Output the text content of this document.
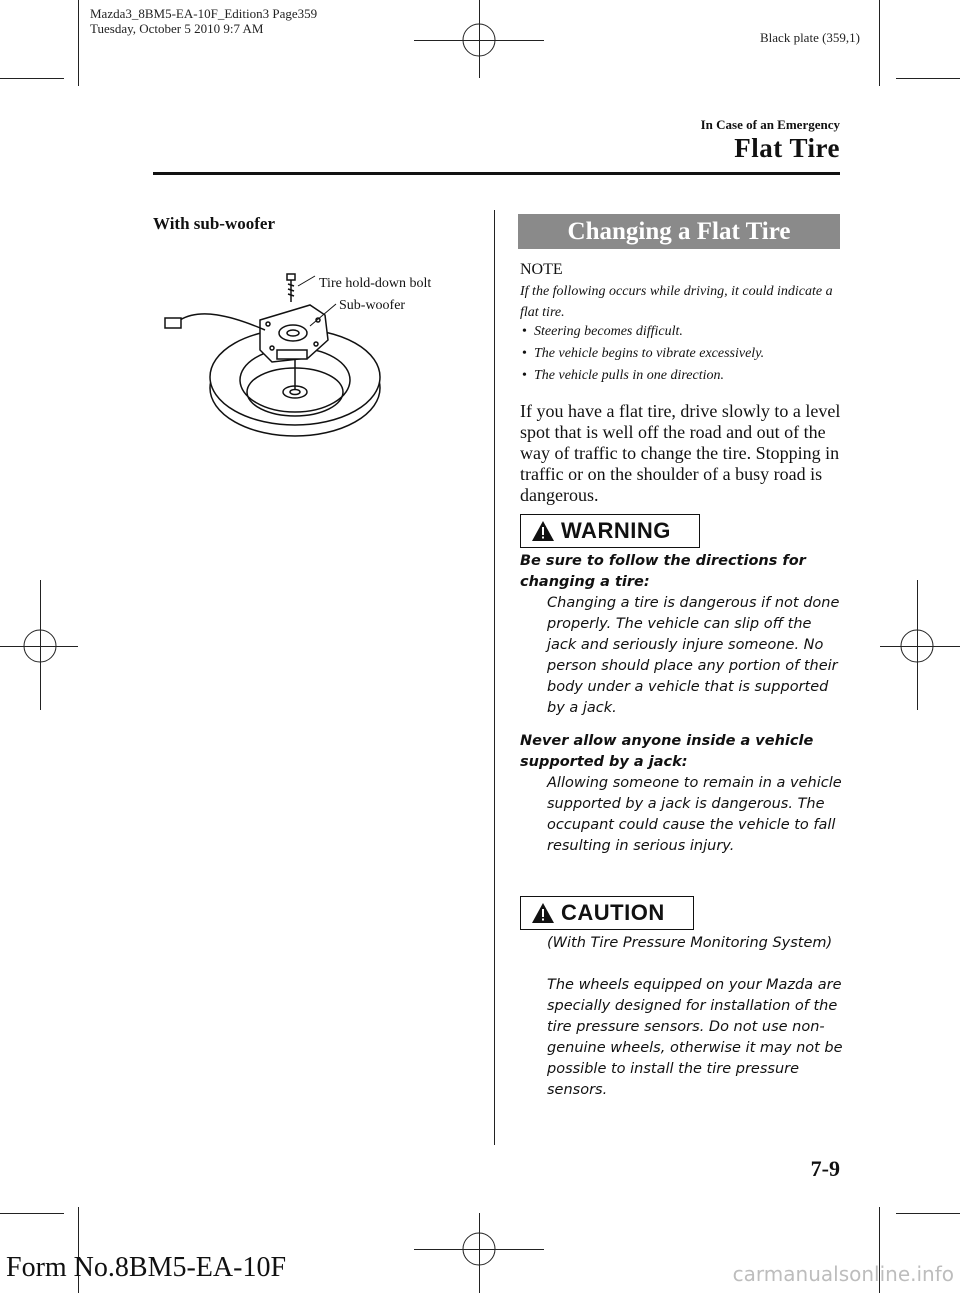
Mazda3_8BM5-EA-10F_Edition3 Page359
Tuesday, October 5 2010 9:7 AM
Black plate (359,1)
In Case of an Emergency
Flat Tire
With sub-woofer
Tire hold-down bolt
Sub-woofer
Changing a Flat Tire
NOTE
If the following occurs while driving, it could indicate a flat tire.
• Steering becomes difficult.
• The vehicle begins to vibrate excessively.
• The vehicle pulls in one direction.
If you have a flat tire, drive slowly to a level spot that is well off the road and out of the way of traffic to change the tire. Stopping in traffic or on the shoulder of a busy road is dangerous.
WARNING
Be sure to follow the directions for changing a tire:
Changing a tire is dangerous if not done properly. The vehicle can slip off the jack and seriously injure someone. No person should place any portion of their body under a vehicle that is supported by a jack.
Never allow anyone inside a vehicle supported by a jack:
Allowing someone to remain in a vehicle supported by a jack is dangerous. The occupant could cause the vehicle to fall resulting in serious injury.
CAUTION
(With Tire Pressure Monitoring System)
The wheels equipped on your Mazda are specially designed for installation of the tire pressure sensors. Do not use non-genuine wheels, otherwise it may not be possible to install the tire pressure sensors.
7-9
Form No.8BM5-EA-10F	carmanualsonline.info
